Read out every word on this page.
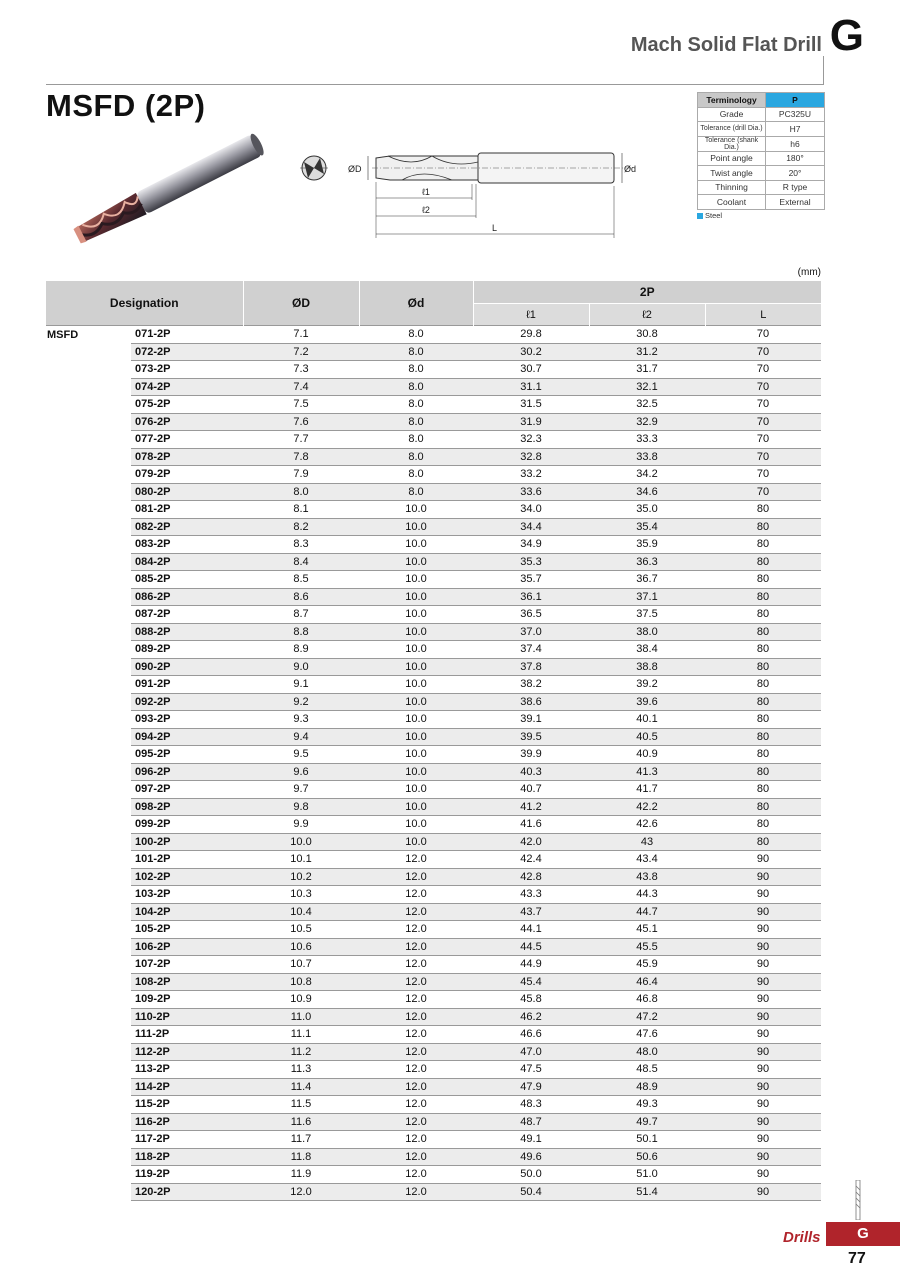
Mach Solid Flat Drill G
MSFD (2P)
ØD	Ød
ℓ1
ℓ2
L
Terminology	P
Grade	PC325U
Tolerance (drill Dia.)	H7
Tolerance (shank Dia.)	h6
Point angle	180°
Twist angle	20°
Thinning	R type
Coolant	External
Steel
(mm)
Designation		ØD	Ød	2P		
				ℓ1	ℓ2	L
MSFD	071-2P	7.1	8.0	29.8	30.8	70
	072-2P	7.2	8.0	30.2	31.2	70
	073-2P	7.3	8.0	30.7	31.7	70
	074-2P	7.4	8.0	31.1	32.1	70
	075-2P	7.5	8.0	31.5	32.5	70
	076-2P	7.6	8.0	31.9	32.9	70
	077-2P	7.7	8.0	32.3	33.3	70
	078-2P	7.8	8.0	32.8	33.8	70
	079-2P	7.9	8.0	33.2	34.2	70
	080-2P	8.0	8.0	33.6	34.6	70
	081-2P	8.1	10.0	34.0	35.0	80
	082-2P	8.2	10.0	34.4	35.4	80
	083-2P	8.3	10.0	34.9	35.9	80
	084-2P	8.4	10.0	35.3	36.3	80
	085-2P	8.5	10.0	35.7	36.7	80
	086-2P	8.6	10.0	36.1	37.1	80
	087-2P	8.7	10.0	36.5	37.5	80
	088-2P	8.8	10.0	37.0	38.0	80
	089-2P	8.9	10.0	37.4	38.4	80
	090-2P	9.0	10.0	37.8	38.8	80
	091-2P	9.1	10.0	38.2	39.2	80
	092-2P	9.2	10.0	38.6	39.6	80
	093-2P	9.3	10.0	39.1	40.1	80
	094-2P	9.4	10.0	39.5	40.5	80
	095-2P	9.5	10.0	39.9	40.9	80
	096-2P	9.6	10.0	40.3	41.3	80
	097-2P	9.7	10.0	40.7	41.7	80
	098-2P	9.8	10.0	41.2	42.2	80
	099-2P	9.9	10.0	41.6	42.6	80
	100-2P	10.0	10.0	42.0	43	80
	101-2P	10.1	12.0	42.4	43.4	90
	102-2P	10.2	12.0	42.8	43.8	90
	103-2P	10.3	12.0	43.3	44.3	90
	104-2P	10.4	12.0	43.7	44.7	90
	105-2P	10.5	12.0	44.1	45.1	90
	106-2P	10.6	12.0	44.5	45.5	90
	107-2P	10.7	12.0	44.9	45.9	90
	108-2P	10.8	12.0	45.4	46.4	90
	109-2P	10.9	12.0	45.8	46.8	90
	110-2P	11.0	12.0	46.2	47.2	90
	111-2P	11.1	12.0	46.6	47.6	90
	112-2P	11.2	12.0	47.0	48.0	90
	113-2P	11.3	12.0	47.5	48.5	90
	114-2P	11.4	12.0	47.9	48.9	90
	115-2P	11.5	12.0	48.3	49.3	90
	116-2P	11.6	12.0	48.7	49.7	90
	117-2P	11.7	12.0	49.1	50.1	90
	118-2P	11.8	12.0	49.6	50.6	90
	119-2P	11.9	12.0	50.0	51.0	90
	120-2P	12.0	12.0	50.4	51.4	90
Drills	G
77
